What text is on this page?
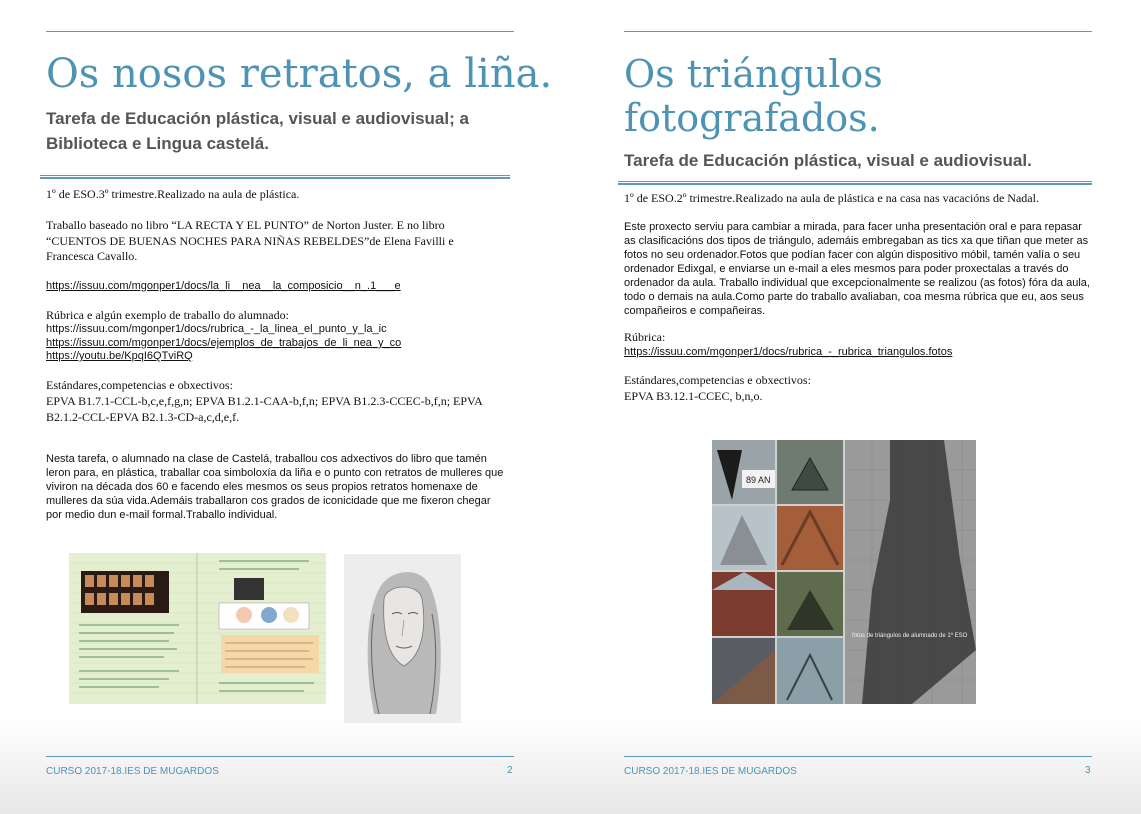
Os nosos retratos, a liña.

Tarefa de Educación plástica, visual e audiovisual; a Biblioteca e Lingua castelá.

1º de ESO.3º trimestre.Realizado na aula de plástica.

Traballo baseado no libro “LA RECTA Y EL PUNTO” de Norton Juster. E no libro “CUENTOS DE BUENAS NOCHES PARA NIÑAS REBELDES”de Elena Favilli e Francesca Cavallo.

https://issuu.com/mgonper1/docs/la_li__nea__la_composicio__n_.1___e

Rúbrica e algún exemplo de traballo do alumnado:

https://issuu.com/mgonper1/docs/rubrica_-_la_linea_el_punto_y_la_ic
https://issuu.com/mgonper1/docs/ejemplos_de_trabajos_de_li_nea_y_co
https://youtu.be/KpqI6QTviRQ

Estándares,competencias e obxectivos:

EPVA B1.7.1-CCL-b,c,e,f,g,n; EPVA B1.2.1-CAA-b,f,n; EPVA B1.2.3-CCEC-b,f,n; EPVA B2.1.2-CCL-EPVA B2.1.3-CD-a,c,d,e,f.

Nesta tarefa, o alumnado na clase de Castelá, traballou cos adxectivos do libro que tamén leron para, en plástica, traballar coa simboloxía da liña e o punto con retratos de mulleres que viviron na década dos 60 e facendo eles mesmos os seus propios retratos homenaxe de mulleres da súa vida.Ademáis traballaron cos grados de iconicidade que me fixeron chegar por medio dun e-mail formal.Traballo individual.

CURSO 2017-18.IES DE MUGARDOS	2
Os triángulos
fotografados.

Tarefa de Educación plástica, visual e audiovisual.

1º de ESO.2º trimestre.Realizado na aula de plástica e na casa nas vacacións de Nadal.

Este proxecto serviu para cambiar a mirada, para facer unha presentación oral e para repasar as clasificacións dos tipos de triángulo, ademáis embregaban as tics xa que tiñan que meter as fotos no seu ordenador.Fotos que podían facer con algún dispositivo móbil, tamén valía o seu ordenador Edixgal, e enviarse un e-mail a eles mesmos para poder proxectalas a través do ordenador da aula. Traballo individual que excepcionalmente se realizou (as fotos) fóra da aula, todo o demais na aula.Como parte do traballo avaliaban, coa mesma rúbrica que eu, aos seus compañeiros e compañeiras.

Rúbrica:

https://issuu.com/mgonper1/docs/rubrica_-_rubrica_triangulos.fotos

Estándares,competencias e obxectivos:

EPVA B3.12.1-CCEC, b,n,o.

89 AN
fotos de triángulos de alumnado de 1º ESO
CURSO 2017-18.IES DE MUGARDOS	3
